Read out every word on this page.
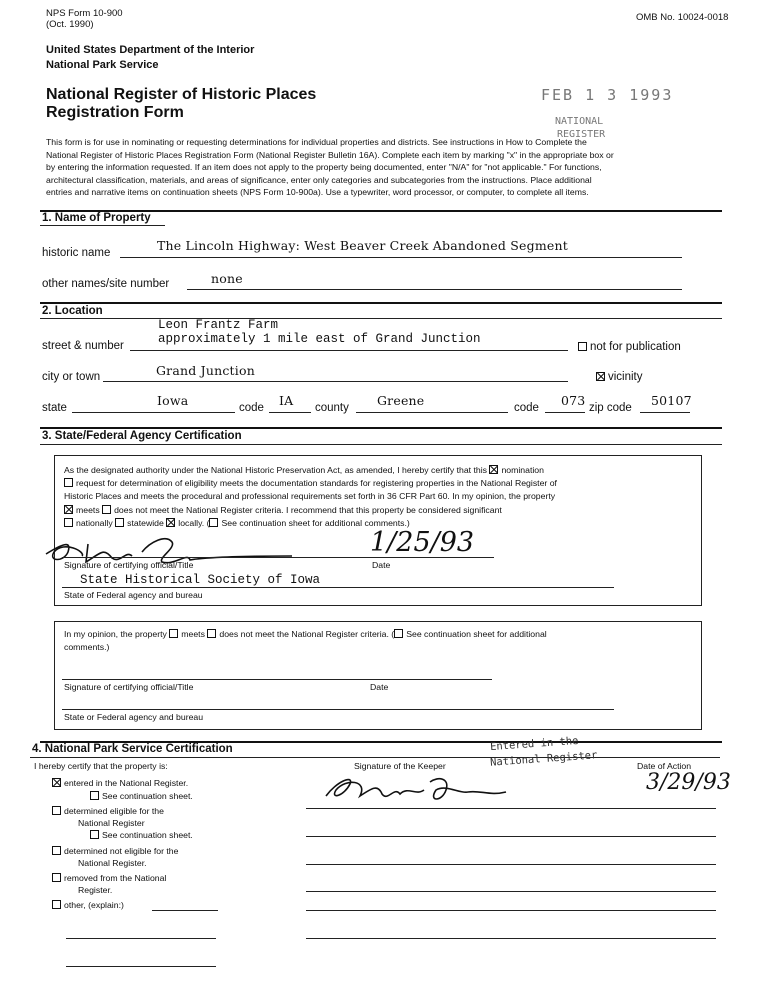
NPS Form 10-900
(Oct. 1990)
OMB No. 10024-0018
United States Department of the Interior
National Park Service
National Register of Historic Places
Registration Form
FEB 1 3 1993
NATIONAL
REGISTER
This form is for use in nominating or requesting determinations for individual properties and districts. See instructions in How to Complete the
National Register of Historic Places Registration Form (National Register Bulletin 16A). Complete each item by marking "x" in the appropriate box or
by entering the information requested. If an item does not apply to the property being documented, enter "N/A" for "not applicable." For functions,
architectural classification, materials, and areas of significance, enter only categories and subcategories from the instructions. Place additional
entries and narrative items on continuation sheets (NPS Form 10-900a). Use a typewriter, word processor, or computer, to complete all items.
1. Name of Property
historic name	The Lincoln Highway: West Beaver Creek Abandoned Segment
other names/site number	none
2. Location
Leon Frantz Farm
street & number	approximately 1 mile east of Grand Junction
not for publication
city or town	Grand Junction	vicinity
state	Iowa	code IA county Greene	code 073 zip code 50107
3. State/Federal Agency Certification
As the designated authority under the National Historic Preservation Act, as amended, I hereby certify that this nomination
request for determination of eligibility meets the documentation standards for registering properties in the National Register of
Historic Places and meets the procedural and professional requirements set forth in 36 CFR Part 60. In my opinion, the property
meets does not meet the National Register criteria. I recommend that this property be considered significant
nationally statewide locally. ( See continuation sheet for additional comments.)
1/25/93
Signature of certifying official/Title	Date
State Historical Society of Iowa
State of Federal agency and bureau
In my opinion, the property meets does not meet the National Register criteria. ( See continuation sheet for additional
comments.)
Signature of certifying official/Title	Date
State or Federal agency and bureau
4. National Park Service Certification
I hereby certify that the property is:	Signature of the Keeper	Date of Action
Entered in the
National Register
3/29/93
entered in the National Register.
See continuation sheet.
determined eligible for the
National Register
See continuation sheet.
determined not eligible for the
National Register.
removed from the National
Register.
other, (explain:)
